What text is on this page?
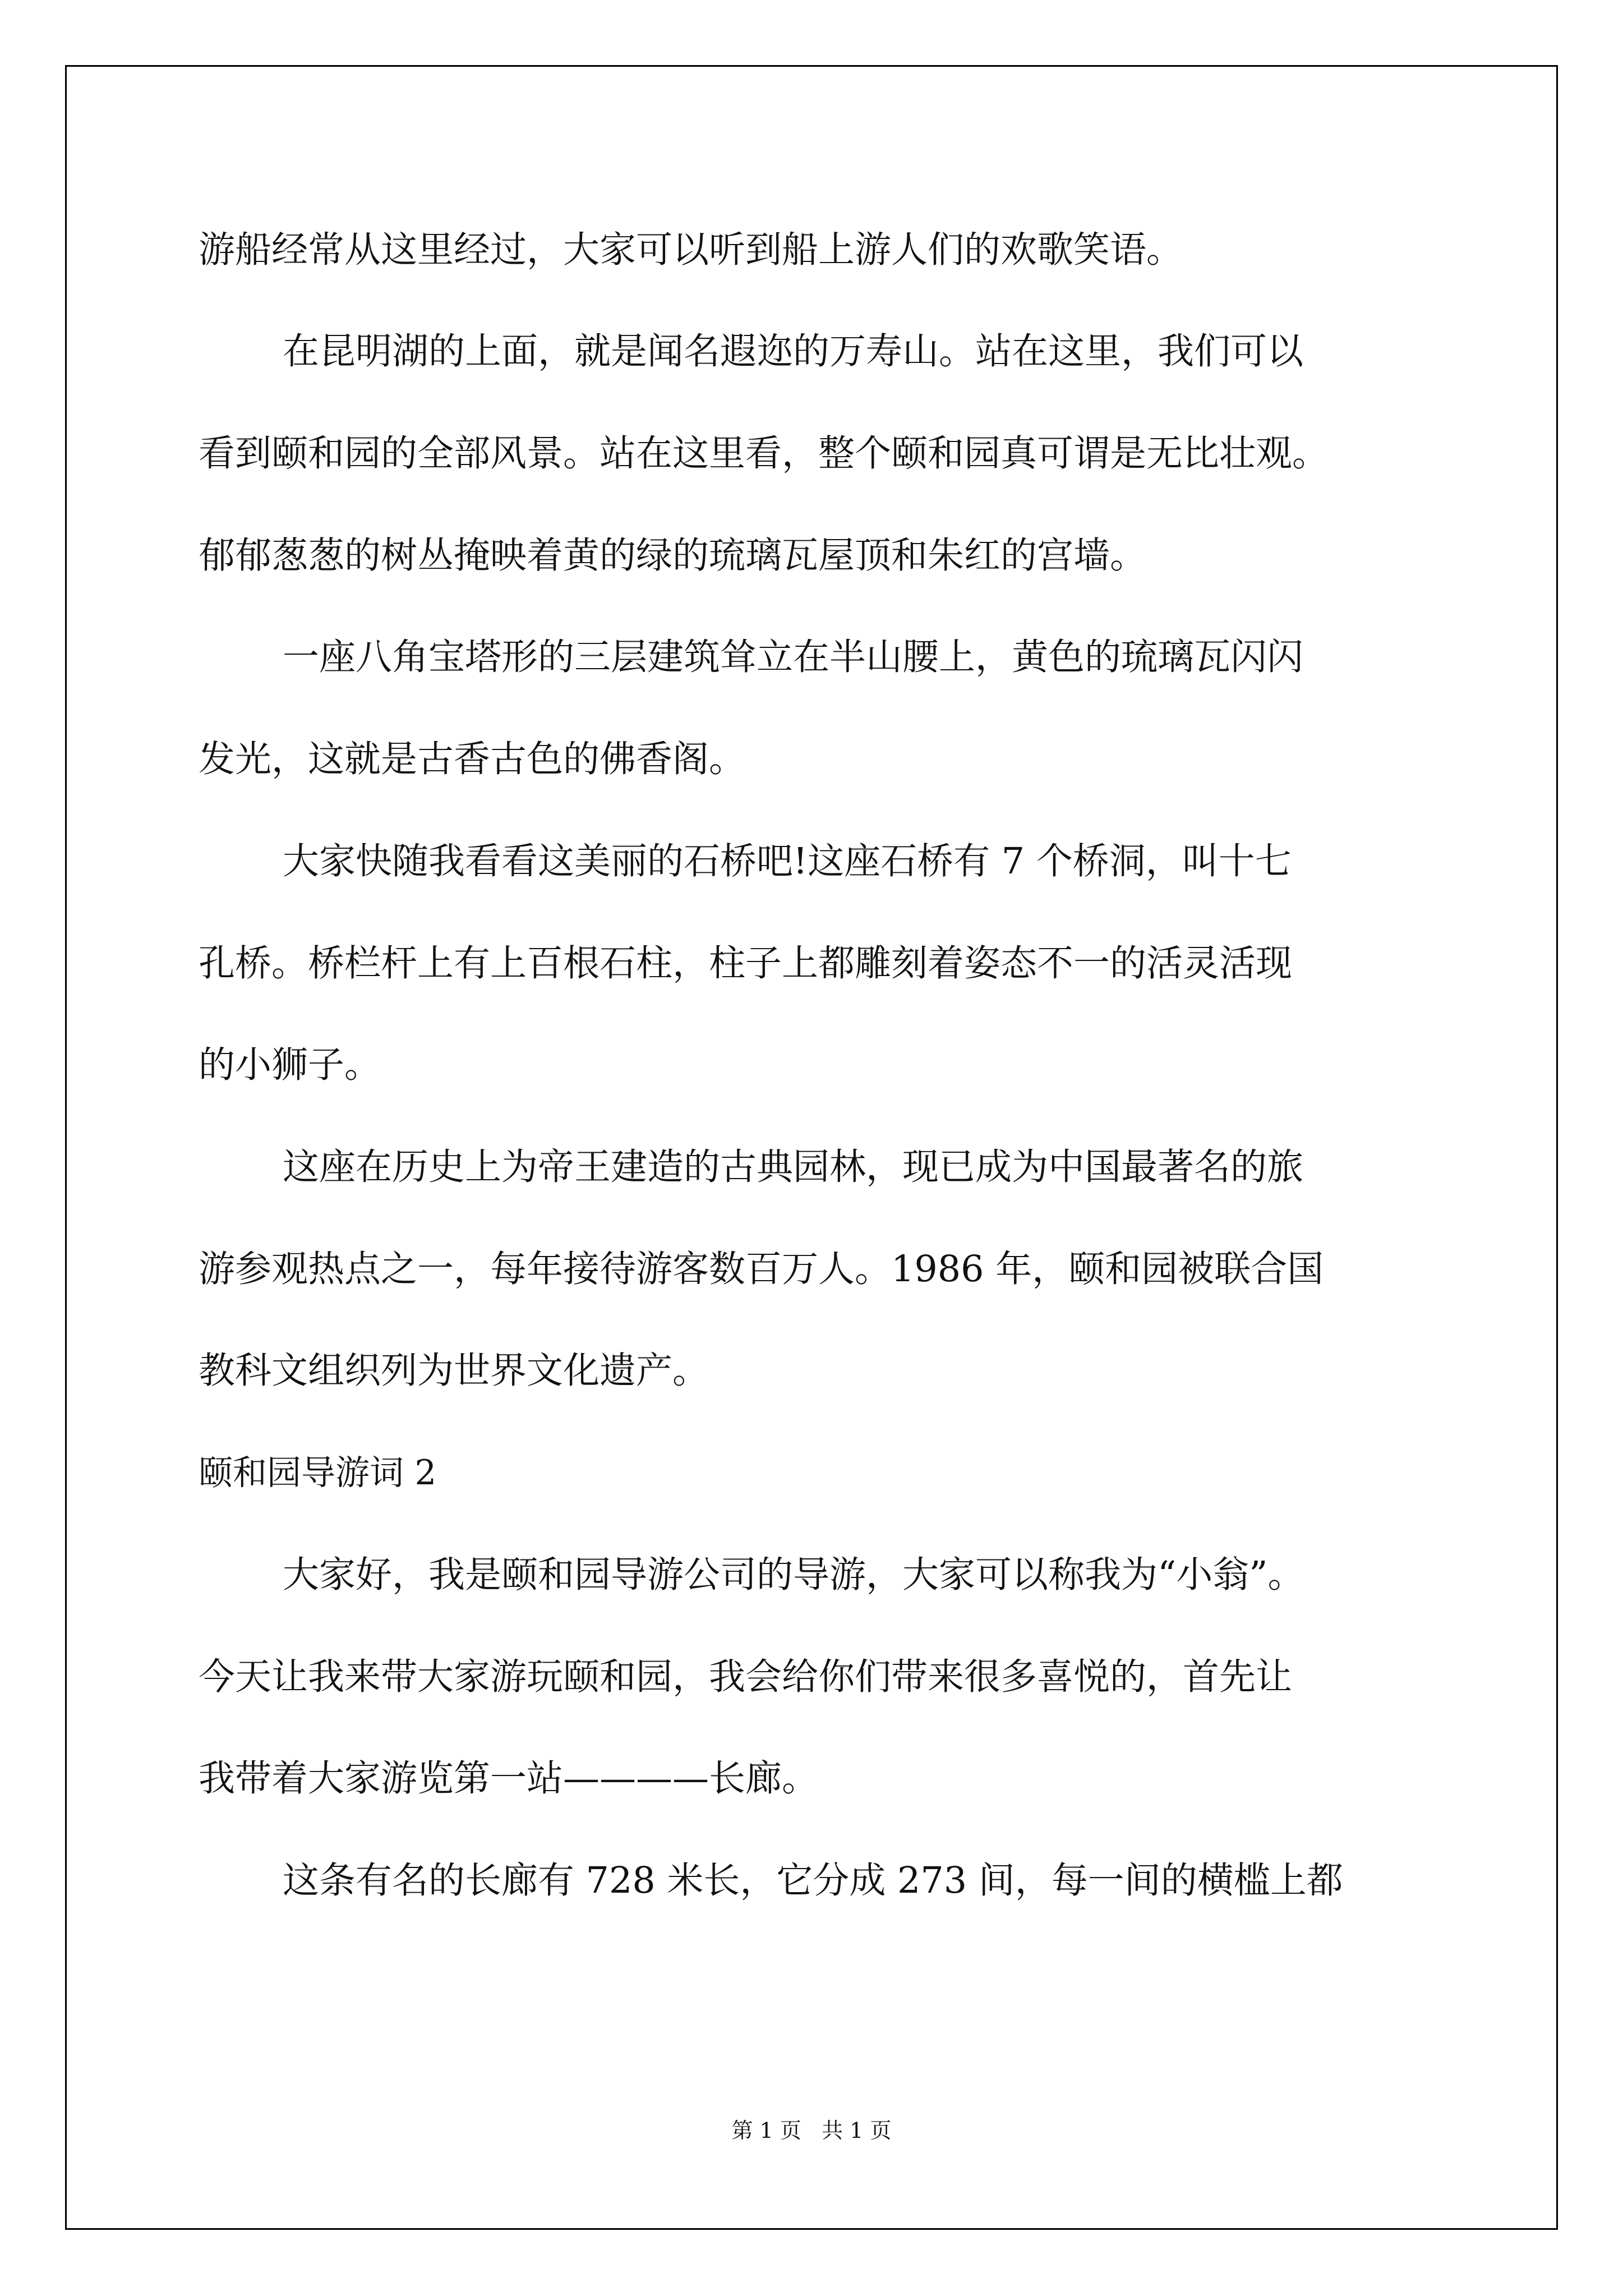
游船经常从这里经过，大家可以听到船上游人们的欢歌笑语。

在昆明湖的上面，就是闻名遐迩的万寿山。站在这里，我们可以

看到颐和园的全部风景。站在这里看，整个颐和园真可谓是无比壮观。

郁郁葱葱的树丛掩映着黄的绿的琉璃瓦屋顶和朱红的宫墙。

一座八角宝塔形的三层建筑耸立在半山腰上，黄色的琉璃瓦闪闪

发光，这就是古香古色的佛香阁。

大家快随我看看这美丽的石桥吧!这座石桥有 7 个桥洞，叫十七

孔桥。桥栏杆上有上百根石柱，柱子上都雕刻着姿态不一的活灵活现

的小狮子。

这座在历史上为帝王建造的古典园林，现已成为中国最著名的旅

游参观热点之一，每年接待游客数百万人。1986 年，颐和园被联合国

教科文组织列为世界文化遗产。

颐和园导游词 2

大家好，我是颐和园导游公司的导游，大家可以称我为“小翁”。

今天让我来带大家游玩颐和园，我会给你们带来很多喜悦的，首先让

我带着大家游览第一站————长廊。

这条有名的长廊有 728 米长，它分成 273 间，每一间的横槛上都

第 1 页   共 1 页
